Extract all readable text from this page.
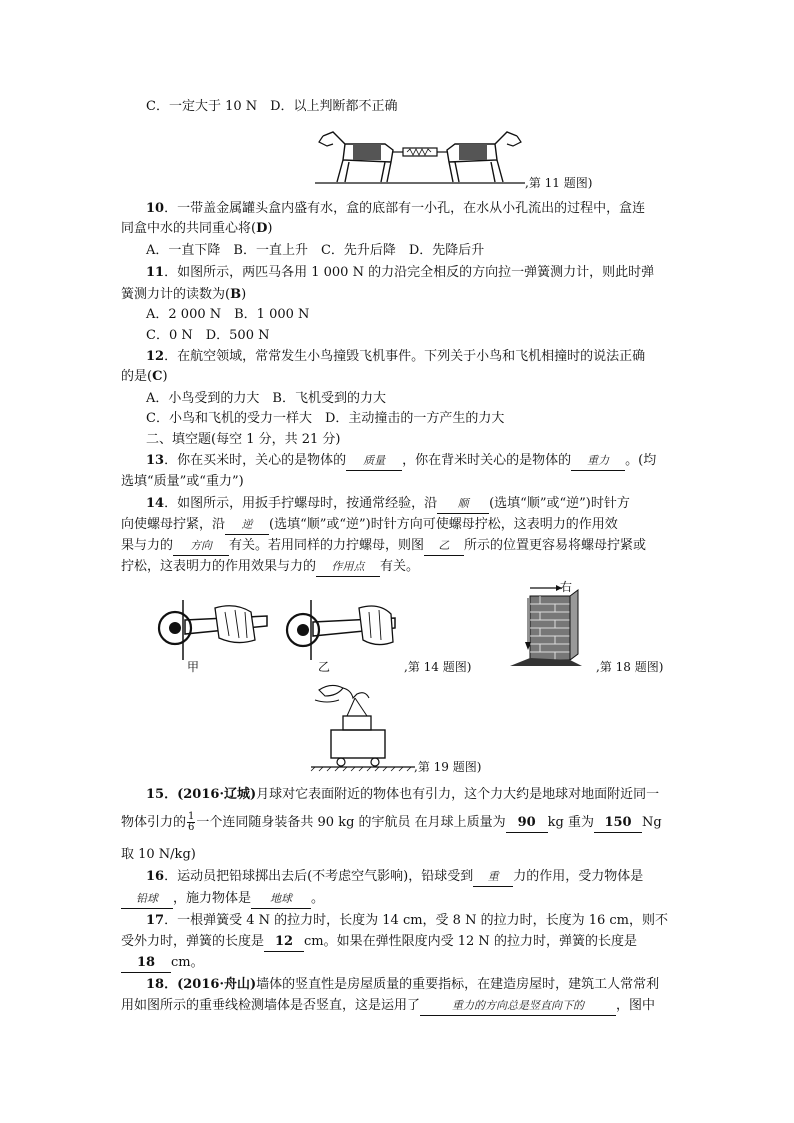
C．一定大于 10 N　D．以上判断都不正确
,第 11 题图)
10．一带盖金属罐头盒内盛有水，盒的底部有一小孔，在水从小孔流出的过程中，盒连
同盒中水的共同重心将(D)
A．一直下降　B．一直上升　C．先升后降　D．先降后升
11．如图所示，两匹马各用 1 000 N 的力沿完全相反的方向拉一弹簧测力计，则此时弹
簧测力计的读数为(B)
A．2 000 N　B．1 000 N
C．0 N　D．500 N
12．在航空领域，常常发生小鸟撞毁飞机事件。下列关于小鸟和飞机相撞时的说法正确
的是(C)
A．小鸟受到的力大　B．飞机受到的力大
C．小鸟和飞机的受力一样大　D．主动撞击的一方产生的力大
二、填空题(每空 1 分，共 21 分)
13．你在买米时，关心的是物体的 质量 ，你在背米时关心的是物体的 重力 。(均
选填“质量”或“重力”)
14．如图所示，用扳手拧螺母时，按通常经验，沿 顺 (选填“顺”或“逆”)时针方
向使螺母拧紧，沿 逆 (选填“顺”或“逆”)时针方向可使螺母拧松，这表明力的作用效
果与力的 方向 有关。若用同样的力拧螺母，则图 乙 所示的位置更容易将螺母拧紧或
拧松，这表明力的作用效果与力的 作用点 有关。
甲	乙	,第 14 题图)
右
,第 18 题图)
,第 19 题图)
15．(2016·辽城)月球对它表面附近的物体也有引力，这个力大约是地球对地面附近同一
物体引力的 $\frac{1}{6}$ 一个连同随身装备共 90 kg 的宇航员 在月球上质量为 90 kg 重为 150 Ng
取 10 N/kg)
16．运动员把铅球掷出去后(不考虑空气影响)，铅球受到 重 力的作用，受力物体是
铅球 ，施力物体是 地球 。
17．一根弹簧受 4 N 的拉力时，长度为 14 cm，受 8 N 的拉力时，长度为 16 cm，则不
受外力时，弹簧的长度是 12 cm。如果在弹性限度内受 12 N 的拉力时，弹簧的长度是
18 cm。
18．(2016·舟山)墙体的竖直性是房屋质量的重要指标，在建造房屋时，建筑工人常常利
用如图所示的重垂线检测墙体是否竖直，这是运用了	重力的方向总是竖直向下的 ，图中
